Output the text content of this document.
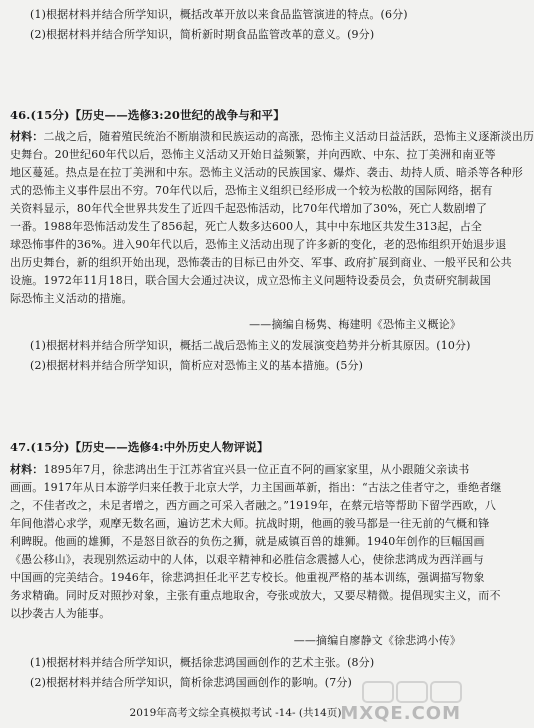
(1)根据材料并结合所学知识，概括改革开放以来食品监管演进的特点。(6分)
(2)根据材料并结合所学知识，简析新时期食品监管改革的意义。(9分)
46.(15分)【历史——选修3:20世纪的战争与和平】
材料：二战之后，随着殖民统治不断崩溃和民族运动的高涨，恐怖主义活动日益活跃，恐怖主义逐渐淡出历
史舞台。20世纪60年代以后，恐怖主义活动又开始日益频繁，并向西欧、中东、拉丁美洲和南亚等
地区蔓延。热点是在拉丁美洲和中东。恐怖主义活动的民族国家、爆炸、袭击、劫持人质、暗杀等各种形
式的恐怖主义事件层出不穷。70年代以后，恐怖主义组织已经形成一个较为松散的国际网络，据有
关资料显示，80年代全世界共发生了近四千起恐怖活动，比70年代增加了30%，死亡人数剧增了
一番。1988年恐怖活动发生了856起，死亡人数多达600人，其中中东地区共发生313起，占全
球恐怖事件的36%。进入90年代以后，恐怖主义活动出现了许多新的变化，老的恐怖组织开始退步退
出历史舞台，新的组织开始出现，恐怖袭击的目标已由外交、军事、政府扩展到商业、一般平民和公共
设施。1972年11月18日，联合国大会通过决议，成立恐怖主义问题特设委员会，负责研究制裁国
际恐怖主义活动的措施。
——摘编自杨隽、梅建明《恐怖主义概论》
(1)根据材料并结合所学知识，概括二战后恐怖主义的发展演变趋势并分析其原因。(10分)
(2)根据材料并结合所学知识，简析应对恐怖主义的基本措施。(5分)
47.(15分)【历史——选修4:中外历史人物评说】
材料：1895年7月，徐悲鸿出生于江苏省宜兴县一位正直不阿的画家家里，从小跟随父亲读书
画画。1917年从日本游学归来任教于北京大学，力主国画革新，指出：“古法之佳者守之，垂绝者继
之，不佳者改之，未足者增之，西方画之可采入者融之。”1919年，在蔡元培等帮助下留学西欧，八
年间他潜心求学，观摩无数名画，遍访艺术大师。抗战时期，他画的骏马都是一往无前的气概和锋
利睥睨。他画的雄狮，不是怒目欲吞的负伤之狮，就是威镇百兽的雄狮。1940年创作的巨幅国画
《愚公移山》，表现别然运动中的人体，以艰辛精神和必胜信念震撼人心，使徐悲鸿成为西洋画与
中国画的完美结合。1946年，徐悲鸿担任北平艺专校长。他重视严格的基本训练，强调描写物象
务求精确。同时反对照抄对象，主张有重点地取舍，夸张或放大，又要尽精微。提倡现实主义，而不
以抄袭古人为能事。
——摘编自廖静文《徐悲鸿小传》
(1)根据材料并结合所学知识，概括徐悲鸿国画创作的艺术主张。(8分)
(2)根据材料并结合所学知识，简析徐悲鸿国画创作的影响。(7分)
2019年高考文综全真模拟考试 -14- (共14页)
MXQE.COM
